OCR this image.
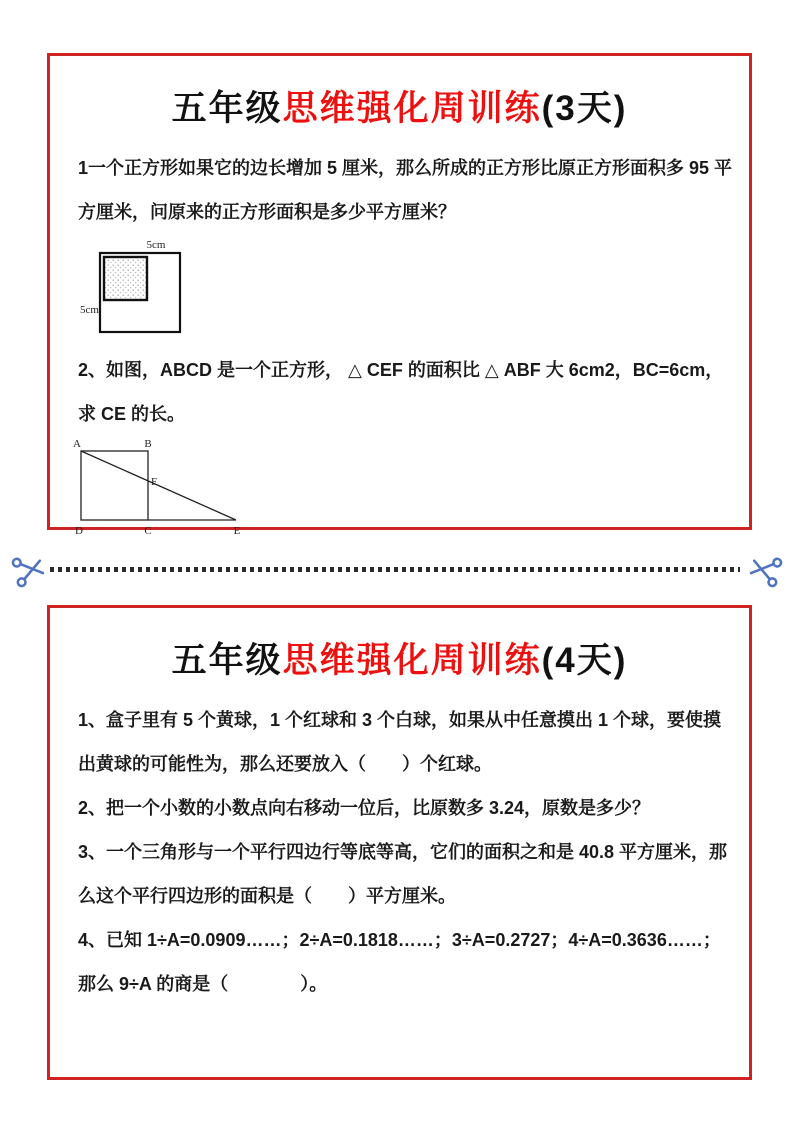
五年级思维强化周训练(3天)

1一个正方形如果它的边长增加 5 厘米，那么所成的正方形比原正方形面积多 95 平方厘米，问原来的正方形面积是多少平方厘米？

5cm
5cm

2、如图，ABCD 是一个正方形， △ CEF 的面积比 △ ABF 大 6cm2，BC=6cm，求 CE 的长。

A	B
F
D	C	E
五年级思维强化周训练(4天)

1、盒子里有 5 个黄球，1 个红球和 3 个白球，如果从中任意摸出 1 个球，要使摸出黄球的可能性为，那么还要放入（　　）个红球。

2、把一个小数的小数点向右移动一位后，比原数多 3.24，原数是多少？

3、一个三角形与一个平行四边行等底等高，它们的面积之和是 40.8 平方厘米，那么这个平行四边形的面积是（　　）平方厘米。

4、已知 1÷A=0.0909……；2÷A=0.1818……；3÷A=0.2727；4÷A=0.3636……；那么 9÷A 的商是（　　　　）。
